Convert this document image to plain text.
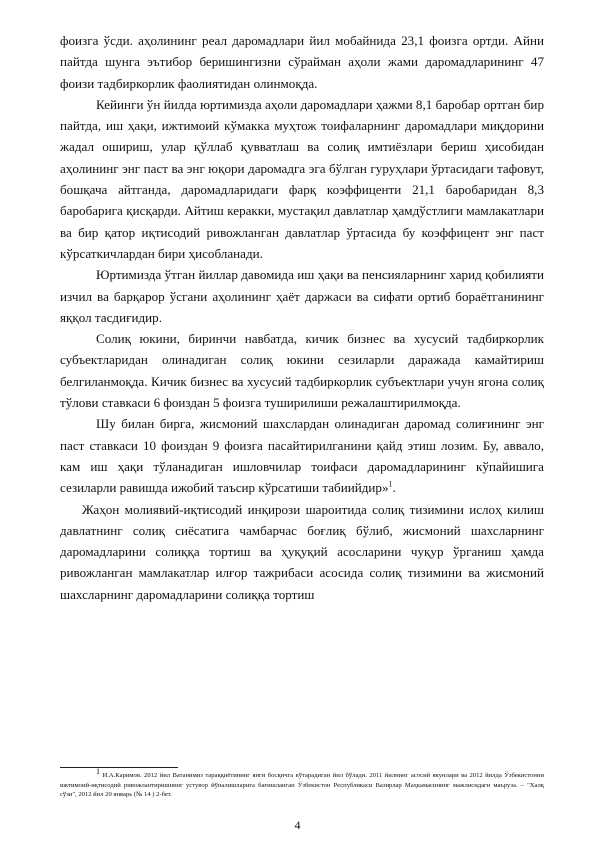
фоизга ўсди. аҳолининг реал даромадлари йил мобайнида 23,1 фоизга ортди. Айни пайтда шунга эътибор беришингизни сўрайман аҳоли жами даромадларининг 47 фоизи тадбиркорлик фаолиятидан олинмоқда.

Кейинги ўн йилда юртимизда аҳоли даромадлари ҳажми 8,1 баробар ортган бир пайтда, иш ҳақи, ижтимоий кўмакка муҳтож тоифаларнинг даромадлари миқдорини жадал ошириш, улар қўллаб қувватлаш ва солиқ имтиёзлари бериш ҳисобидан аҳолининг энг паст ва энг юқори даромадга эга бўлган гуруҳлари ўртасидаги тафовут, бошқача айтганда, даромадларидаги фарқ коэффиценти 21,1 баробаридан 8,3 баробарига қисқарди. Айтиш керакки, мустақил давлатлар ҳамдўстлиги мамлакатлари ва бир қатор иқтисодий ривожланган давлатлар ўртасида бу коэффицент энг паст кўрсаткичлардан бири ҳисобланади.

Юртимизда ўтган йиллар давомида иш ҳақи ва пенсияларнинг харид қобилияти изчил ва барқарор ўсгани аҳолининг ҳаёт даржаси ва сифати ортиб бораётганининг яққол тасдиғидир.

Солиқ юкини, биринчи навбатда, кичик бизнес ва хусусий тадбиркорлик субъектларидан олинадиган солиқ юкини сезиларли даражада камайтириш белгиланмоқда. Кичик бизнес ва хусусий тадбиркорлик субъектлари учун ягона солиқ тўлови ставкаси 6 фоиздан 5 фоизга туширилиши режалаштирилмоқда.

Шу билан бирга, жисмоний шахслардан олинадиган даромад солиғининг энг паст ставкаси 10 фоиздан 9 фоизга пасайтирилганини қайд этиш лозим. Бу, аввало, кам иш ҳақи тўланадиган ишловчилар тоифаси даромадларининг кўпайишига сезиларли равишда ижобий таъсир кўрсатиши табиийдир»$^1$.

Жаҳон молиявий-иқтисодий инқирози шароитида солиқ тизимини ислоҳ килиш давлатнинг солиқ сиёсатига чамбарчас боғлиқ бўлиб, жисмоний шахсларнинг даромадларини солиққа тортиш ва ҳуқуқий асосларини чуқур ўрганиш ҳамда ривожланган мамлакатлар илғор тажрибаси асосида солиқ тизимини ва жисмоний шахсларнинг даромадларини солиққа тортиш

$^1$ И.А.Каримов. 2012 йил Ватанимиз тараққиётининг янги босқичга кўтарадиган йил бўлади. 2011 йилнинг асосий якунлари ва 2012 йилда Ўзбекистонни ижтимоий-иқтисодий ривожлантиришнинг устувор йўналишларига бағишланган Ўзбекистон Республикаси Вазирлар Маҳкамасининг мажлисидаги маъруза. – "Халқ сўзи", 2012 йил 20 январь (№ 14 ) 2-бет.

4
